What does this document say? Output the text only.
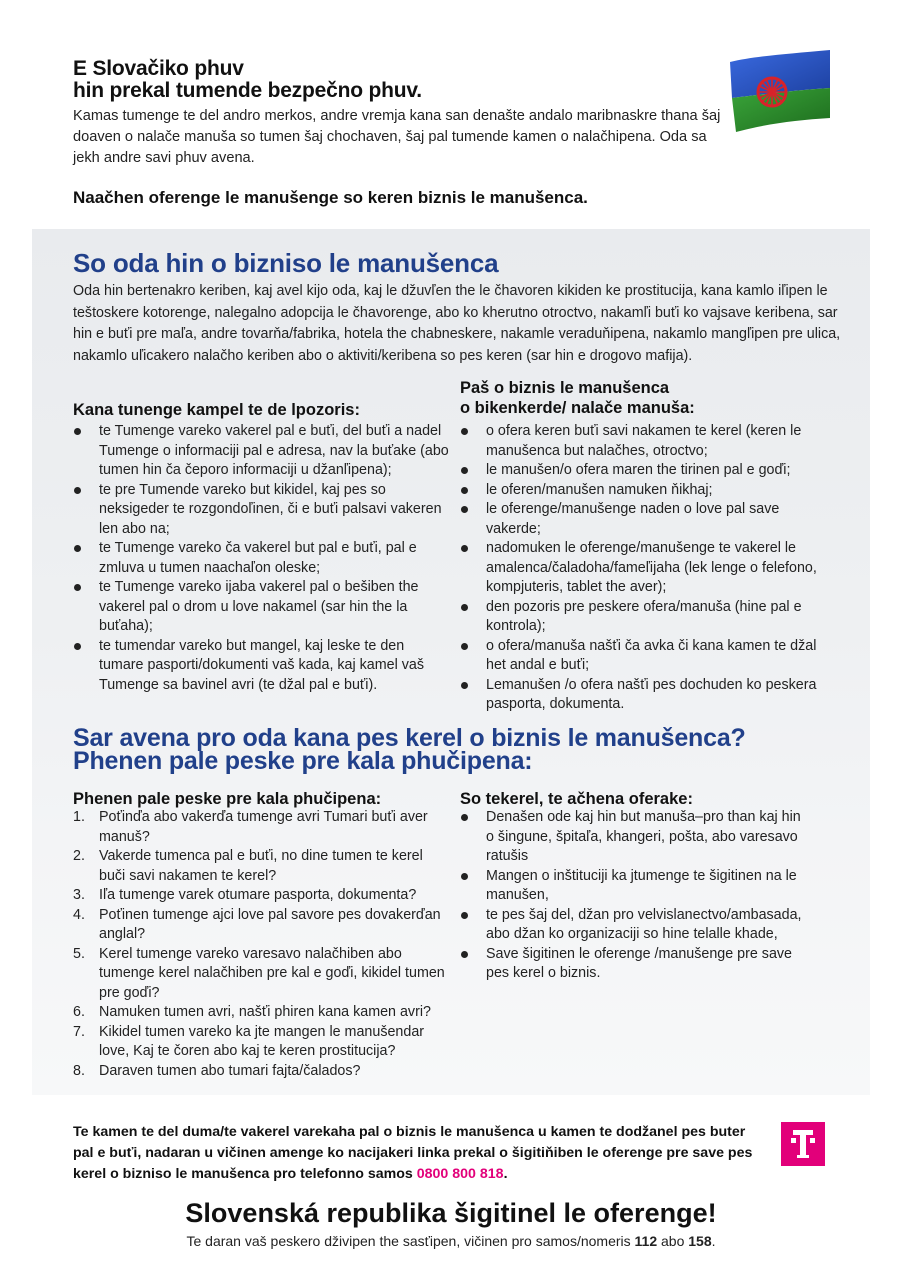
E Slovačiko phuv
hin prekal tumende bezpečno phuv.
Kamas tumenge te del andro merkos, andre vremja kana san denašte andalo maribnaskre thana šaj doaven o nalače manuša so tumen šaj chochaven, šaj pal tumende kamen o nalačhipena. Oda sa jekh andre savi phuv avena.
Naačhen oferenge le manušenge so keren biznis le manušenca.
So oda hin o bizniso le manušenca
Oda hin bertenakro keriben, kaj avel kijo oda, kaj le džuvľen the le čhavoren kikiden ke prostitucija, kana kamlo iľipen le teštoskere kotorenge, nalegalno adopcija le čhavorenge, abo ko kherutno otroctvo, nakamľi buťi ko vajsave keribena, sar hin e buťi pre maľa, andre tovarňa/fabrika, hotela the chabneskere, nakamle veraduňipena, nakamlo mangľipen pre ulica, nakamlo uľicakero nalačho keriben abo o aktiviti/keribena so pes keren (sar hin e drogovo mafija).
Kana tunenge kampel te de lpozoris:
te Tumenge vareko vakerel pal e buťi, del buťi a nadel Tumenge o informaciji pal e adresa, nav la buťake (abo tumen hin ča čeporo informaciji u džanľipena);
te pre Tumende vareko but kikidel, kaj pes so neksigeder te rozgondoľinen, či e buťi palsavi vakeren len abo na;
te Tumenge vareko ča vakerel but pal e buťi, pal e zmluva u tumen naachaľon oleske;
te Tumenge vareko ijaba vakerel pal o bešiben the vakerel pal o drom u love nakamel (sar hin the la buťaha);
te tumendar vareko but mangel, kaj leske te den tumare pasporti/dokumenti vaš kada, kaj kamel vaš Tumenge sa bavinel avri (te džal pal e buťi).
Paš o biznis le manušenca
o bikenkerde/ nalače manuša:
o ofera keren buťi savi nakamen te kerel (keren le manušenca but nalačhes, otroctvo;
le manušen/o ofera maren the tirinen pal e goďi;
le oferen/manušen namuken ňikhaj;
le oferenge/manušenge naden o love pal save vakerde;
nadomuken le oferenge/manušenge te vakerel le amalenca/čaladoha/fameľijaha (lek lenge o felefono, kompjuteris, tablet the aver);
den pozoris pre peskere ofera/manuša (hine pal e kontrola);
o ofera/manuša našťi ča avka či kana kamen te džal het andal e buťi;
Lemanušen /o ofera našťi pes dochuden ko peskera pasporta, dokumenta.
Sar avena pro oda kana pes kerel o biznis le manušenca?
Phenen pale peske pre kala phučipena:
Phenen pale peske pre kala phučipena:
1. Poťinďa abo vakerďa tumenge avri Tumari buťi aver manuš?
2. Vakerde tumenca pal e buťi, no dine tumen te kerel buči savi nakamen te kerel?
3. Iľa tumenge varek otumare pasporta, dokumenta?
4. Poťinen tumenge ajci love pal savore pes dovakerďan anglal?
5. Kerel tumenge vareko varesavo nalačhiben abo tumenge kerel nalačhiben pre kal e goďi, kikidel tumen pre goďi?
6. Namuken tumen avri, našťi phiren kana kamen avri?
7. Kikidel tumen vareko ka jte mangen le manušendar love, Kaj te čoren abo kaj te keren prostitucija?
8. Daraven tumen abo tumari fajta/čalados?
So tekerel, te ačhena oferake:
Denašen ode kaj hin but manuša–pro than kaj hin o šingune, špitaľa, khangeri, pošta, abo varesavo ratušis
Mangen o inštituciji ka jtumenge te šigitinen na le manušen,
te pes šaj del, džan pro velvislanectvo/ambasada, abo džan ko organizaciji so hine telalle khade,
Save šigitinen le oferenge /manušenge pre save pes kerel o biznis.
Te kamen te del duma/te vakerel varekaha pal o biznis le manušenca u kamen te dodžanel pes buter pal e buťi, nadaran u vičinen amenge ko nacijakeri linka prekal o šigitiňiben le oferenge pre save pes kerel o bizniso le manušenca pro telefonno samos 0800 800 818.
Slovenská republika šigitinel le oferenge!
Te daran vaš peskero dživipen the sasťipen, vičinen pro samos/nomeris 112 abo 158.
